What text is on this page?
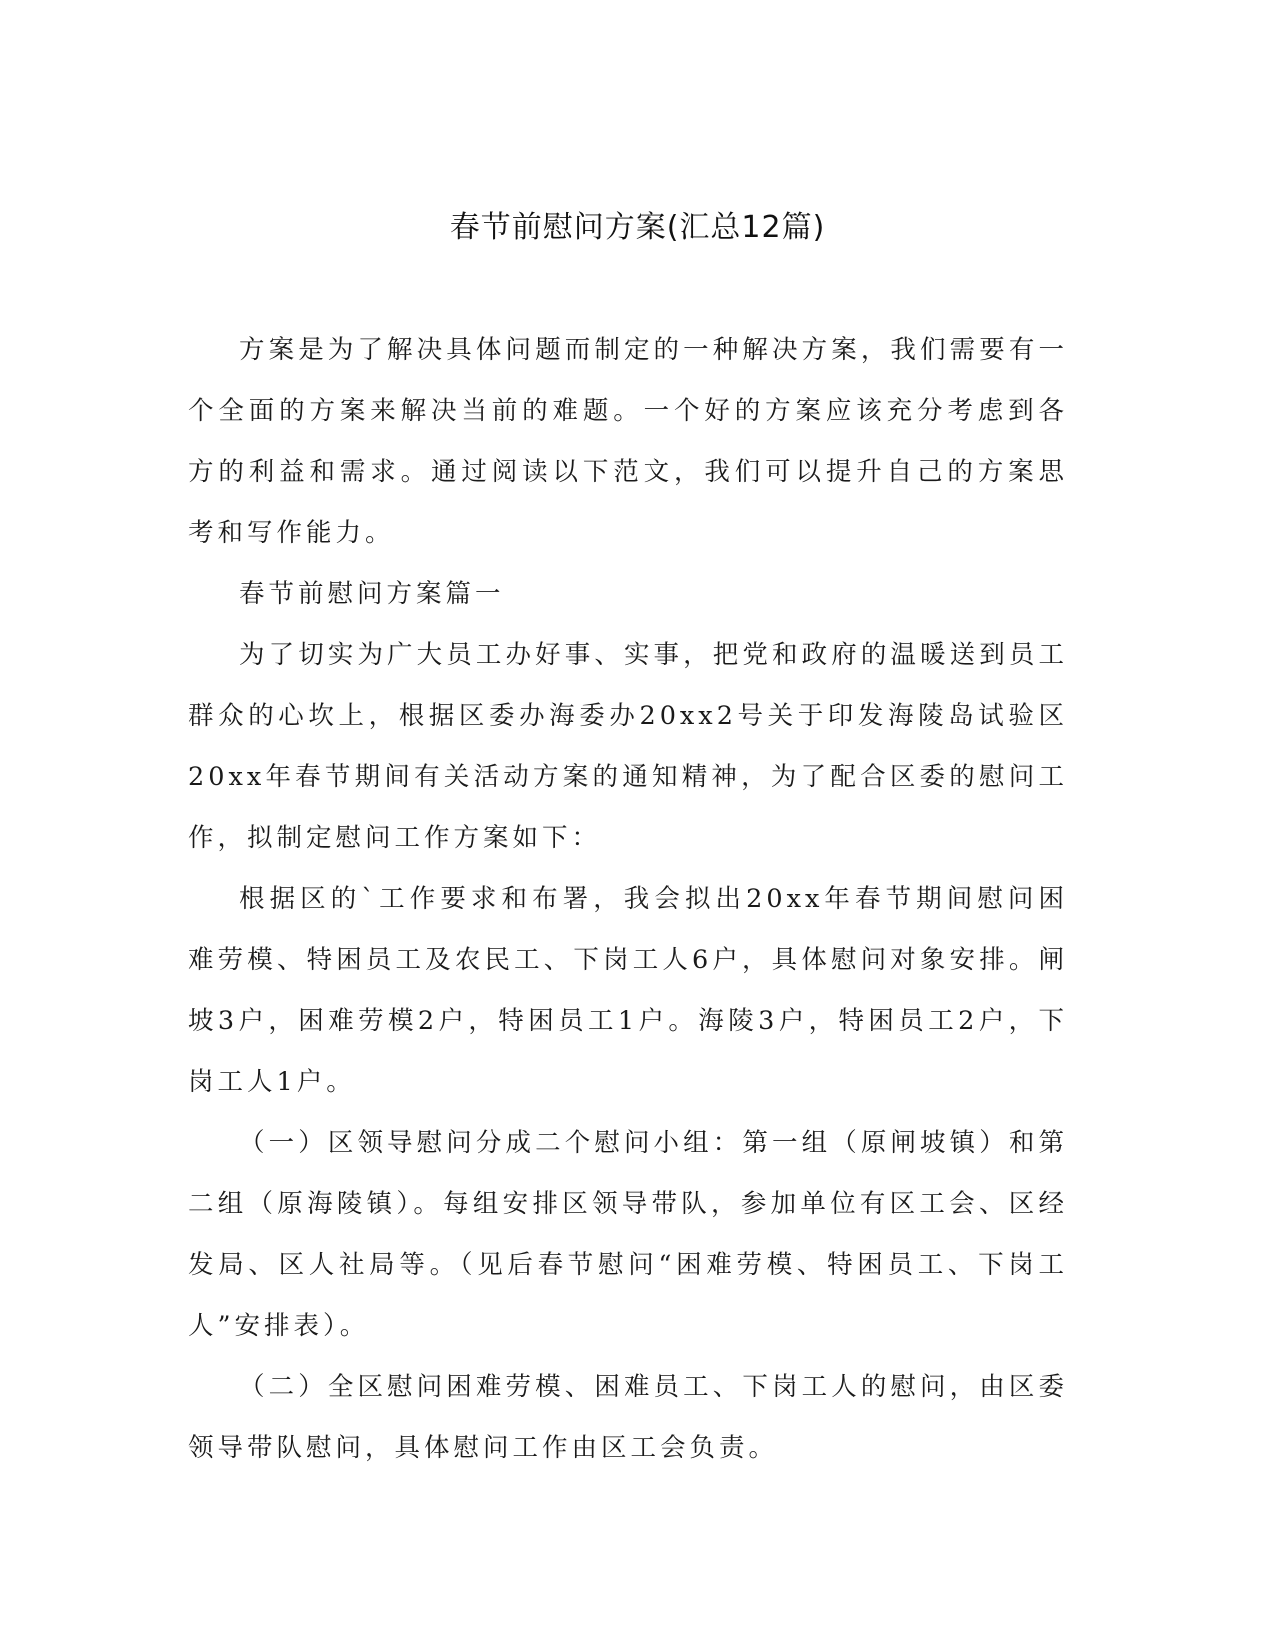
春节前慰问方案(汇总12篇)

方案是为了解决具体问题而制定的一种解决方案，我们需要有一个全面的方案来解决当前的难题。一个好的方案应该充分考虑到各方的利益和需求。通过阅读以下范文，我们可以提升自己的方案思考和写作能力。

春节前慰问方案篇一

为了切实为广大员工办好事、实事，把党和政府的温暖送到员工群众的心坎上，根据区委办海委办20xx2号关于印发海陵岛试验区20xx年春节期间有关活动方案的通知精神，为了配合区委的慰问工作，拟制定慰问工作方案如下：

根据区的`工作要求和布署，我会拟出20xx年春节期间慰问困难劳模、特困员工及农民工、下岗工人6户，具体慰问对象安排。闸坡3户，困难劳模2户，特困员工1户。海陵3户，特困员工2户，下岗工人1户。

（一）区领导慰问分成二个慰问小组：第一组（原闸坡镇）和第二组（原海陵镇）。每组安排区领导带队，参加单位有区工会、区经发局、区人社局等。（见后春节慰问“困难劳模、特困员工、下岗工人”安排表）。

（二）全区慰问困难劳模、困难员工、下岗工人的慰问，由区委领导带队慰问，具体慰问工作由区工会负责。
